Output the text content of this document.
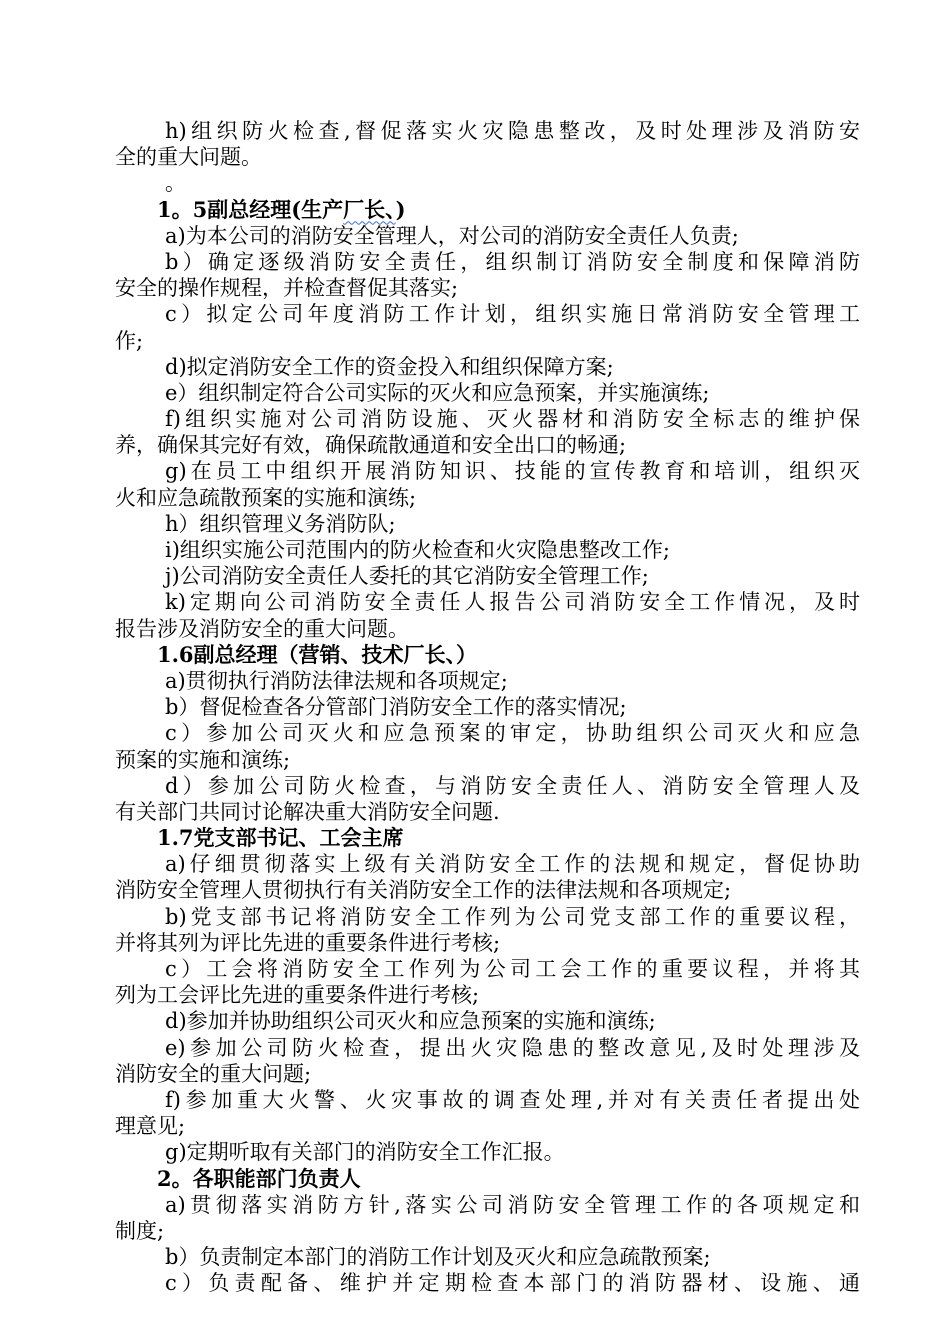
h)组织防火检查,督促落实火灾隐患整改，及时处理涉及消防安
全的重大问题。
。
1。5副总经理(生产厂长、)
a)为本公司的消防安全管理人，对公司的消防安全责任人负责;
b）确定逐级消防安全责任，组织制订消防安全制度和保障消防
安全的操作规程，并检查督促其落实;
c）拟定公司年度消防工作计划，组织实施日常消防安全管理工
作;
d)拟定消防安全工作的资金投入和组织保障方案;
e）组织制定符合公司实际的灭火和应急预案，并实施演练;
f)组织实施对公司消防设施、灭火器材和消防安全标志的维护保
养，确保其完好有效，确保疏散通道和安全出口的畅通;
g)在员工中组织开展消防知识、技能的宣传教育和培训，组织灭
火和应急疏散预案的实施和演练;
h）组织管理义务消防队;
i)组织实施公司范围内的防火检查和火灾隐患整改工作;
j)公司消防安全责任人委托的其它消防安全管理工作;
k)定期向公司消防安全责任人报告公司消防安全工作情况，及时
报告涉及消防安全的重大问题。
1.6副总经理（营销、技术厂长、）
a)贯彻执行消防法律法规和各项规定;
b）督促检查各分管部门消防安全工作的落实情况;
c）参加公司灭火和应急预案的审定，协助组织公司灭火和应急
预案的实施和演练;
d）参加公司防火检查，与消防安全责任人、消防安全管理人及
有关部门共同讨论解决重大消防安全问题.
1.7党支部书记、工会主席
a)仔细贯彻落实上级有关消防安全工作的法规和规定，督促协助
消防安全管理人贯彻执行有关消防安全工作的法律法规和各项规定;
b)党支部书记将消防安全工作列为公司党支部工作的重要议程，
并将其列为评比先进的重要条件进行考核;
c）工会将消防安全工作列为公司工会工作的重要议程，并将其
列为工会评比先进的重要条件进行考核;
d)参加并协助组织公司灭火和应急预案的实施和演练;
e)参加公司防火检查，提出火灾隐患的整改意见,及时处理涉及
消防安全的重大问题;
f)参加重大火警、火灾事故的调查处理,并对有关责任者提出处
理意见;
g)定期听取有关部门的消防安全工作汇报。
2。各职能部门负责人
a)贯彻落实消防方针,落实公司消防安全管理工作的各项规定和
制度;
b）负责制定本部门的消防工作计划及灭火和应急疏散预案;
c）负责配备、维护并定期检查本部门的消防器材、设施、通
